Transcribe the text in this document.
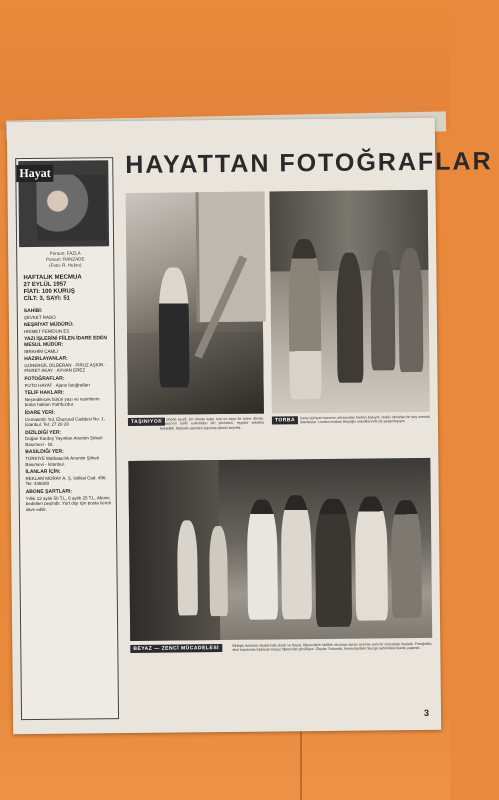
Hayat
Poruun: FAZLA
Poruun: RANZADE
(Foto: R. Hekro)
HAFTALIK MECMUA
27 EYLÜL 1957
FİATI: 100 KURUŞ
CİLT: 3, SAYI: 51
SAHİBİ:
ŞEVKET RADO
NEŞRİYAT MÜDÜRÜ:
HİKMET FERİDUN ES
YAZI İŞLERİNİ FİİLEN İDARE EDEN MESUL MÜDÜR:
İBRAHİM ÇAMLI
HAZIRLAYANLAR:
GÜNERGİL DİLBERAN · FİRUZ AŞKIN · FİKRET AKAY · AYHAN EREZ
FOTOĞRAFLAR:
FOTO HAYAT · Ajans fotoğrafları
TELİF HAKLARI:
Neşredilecek bütün yazı ve resimlerin bütün hakları mahfuzdur.
İDARE YERİ:
Cemalettin Yol, Ebusuud Caddesi No. 1, İstanbul. Tel: 27 28 28
DİZİLDİĞİ YER:
Doğan Kardeş Yayınları Anonim Şirketi Basımevi - İst.
BASILDIĞI YER:
TÜRKİYE Matbaacılık Anonim Şirketi Basımevi - İstanbul.
İLANLAR İÇİN:
REKLAM MORAY A. Ş. İstiklal Cad. 496. Tel: 446609
ABONE ŞARTLARI:
Yıllık 12 aylık 50 T.L. 6 aylık 25 T.L. Abone bedelleri peşindir. Yurt dışı için posta ücreti ilave edilir.
HAYATTAN FOTOĞRAFLAR
TAŞINIYOR
Bir cihede tavzif, bir cihede kalıp mal ve eşya ile evine döndü. Ankara'nın tarihi evlerinden biri yıkılırken, eşyalar sokakta bekletildi. Mahalle sakinleri taşınma işlerini seyretti.
TORBA	Genç yürüyen hanımın arkasından herkes bakıyor. Hakkı olmadan bir şey sormak istemezler. Londra modası Beyoğlu sokaklarında da yaygınlaşıyor.
BEYAZ — ZENCİ MÜCADELESİ
Birleşik Amerika okullarında siyah ve beyaz öğrencilerin birlikte okuması kararı üzerine yeni bir mücadele başladı. Fotoğrafta, okul kapısında toplanan beyaz öğrenciler görülüyor. Olaylar Yukarıda, Kentucky'deki Sturgis şehrindeki lisede yaşandı.
3
